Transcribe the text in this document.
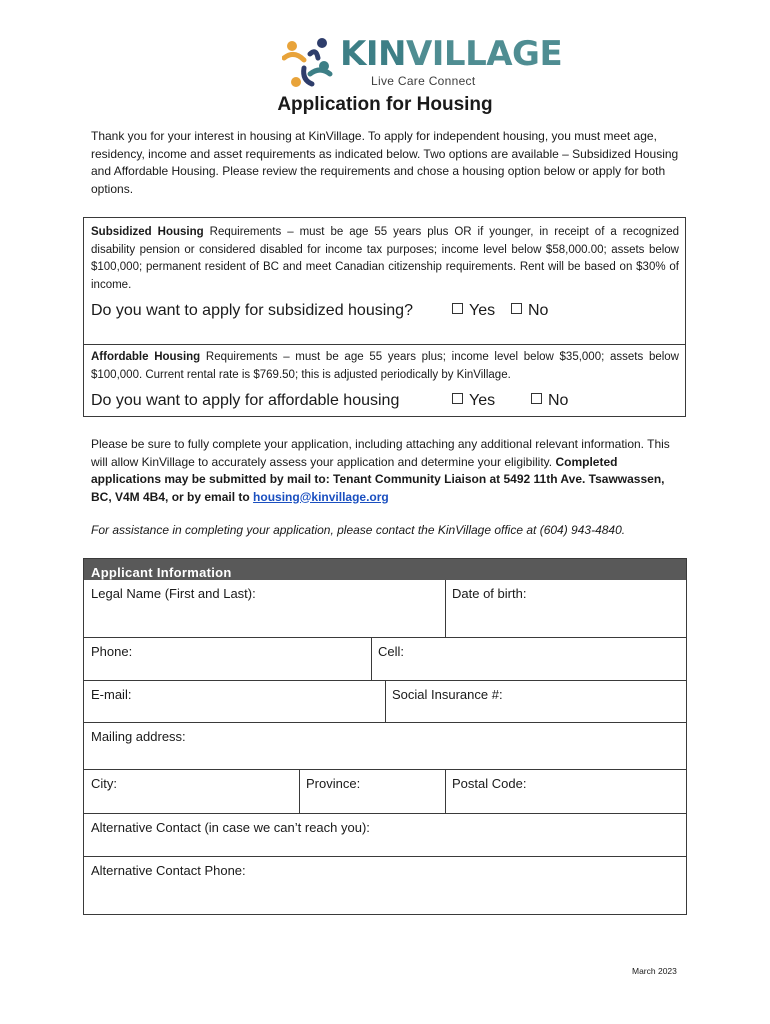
KINVILLAGE
Live Care Connect
Application for Housing
Thank you for your interest in housing at KinVillage. To apply for independent housing, you must meet age, residency, income and asset requirements as indicated below. Two options are available – Subsidized Housing and Affordable Housing. Please review the requirements and chose a housing option below or apply for both options.
Subsidized Housing Requirements – must be age 55 years plus OR if younger, in receipt of a recognized disability pension or considered disabled for income tax purposes; income level below $58,000.00; assets below $100,000; permanent resident of BC and meet Canadian citizenship requirements. Rent will be based on $30% of income.
Do you want to apply for subsidized housing?	Yes	No
Affordable Housing Requirements – must be age 55 years plus; income level below $35,000; assets below $100,000. Current rental rate is $769.50; this is adjusted periodically by KinVillage.
Do you want to apply for affordable housing	Yes	No
Please be sure to fully complete your application, including attaching any additional relevant information. This will allow KinVillage to accurately assess your application and determine your eligibility. Completed applications may be submitted by mail to: Tenant Community Liaison at 5492 11th Ave. Tsawwassen, BC, V4M 4B4, or by email to housing@kinvillage.org
For assistance in completing your application, please contact the KinVillage office at (604) 943-4840.
Applicant Information
Legal Name (First and Last):	Date of birth:
Phone:	Cell:
E-mail:	Social Insurance #:
Mailing address:
City:	Province:	Postal Code:
Alternative Contact (in case we can’t reach you):
Alternative Contact Phone:
March 2023
